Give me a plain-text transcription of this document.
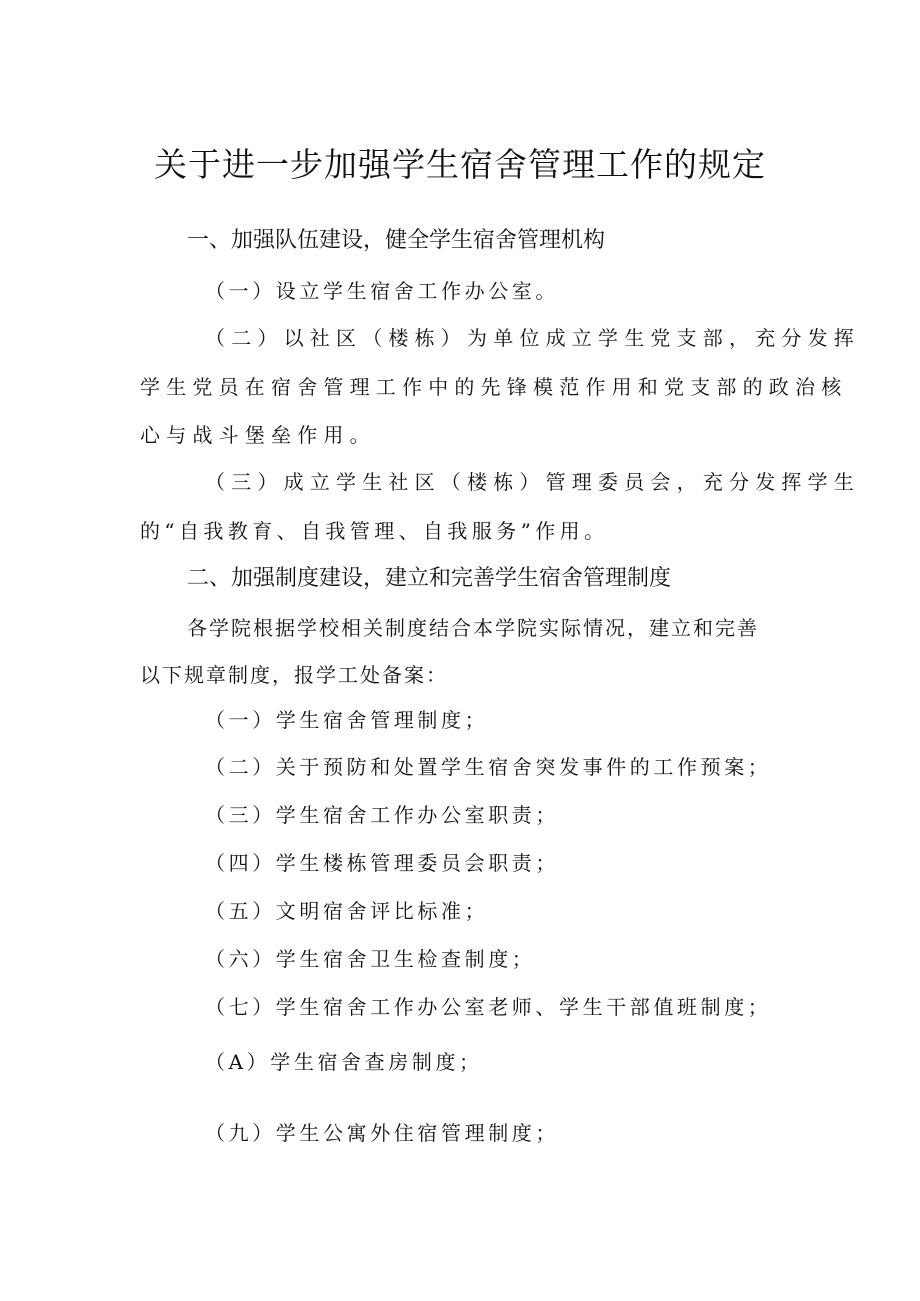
关于进一步加强学生宿舍管理工作的规定
一、加强队伍建设，健全学生宿舍管理机构
（一）设立学生宿舍工作办公室。
（二）以社区（楼栋）为单位成立学生党支部，充分发挥
学生党员在宿舍管理工作中的先锋模范作用和党支部的政治核
心与战斗堡垒作用。
（三）成立学生社区（楼栋）管理委员会，充分发挥学生
的“自我教育、自我管理、自我服务”作用。
二、加强制度建设，建立和完善学生宿舍管理制度
各学院根据学校相关制度结合本学院实际情况，建立和完善
以下规章制度，报学工处备案：
（一）学生宿舍管理制度；
（二）关于预防和处置学生宿舍突发事件的工作预案；
（三）学生宿舍工作办公室职责；
（四）学生楼栋管理委员会职责；
（五）文明宿舍评比标准；
（六）学生宿舍卫生检查制度；
（七）学生宿舍工作办公室老师、学生干部值班制度；
（A）学生宿舍查房制度；
（九）学生公寓外住宿管理制度；
